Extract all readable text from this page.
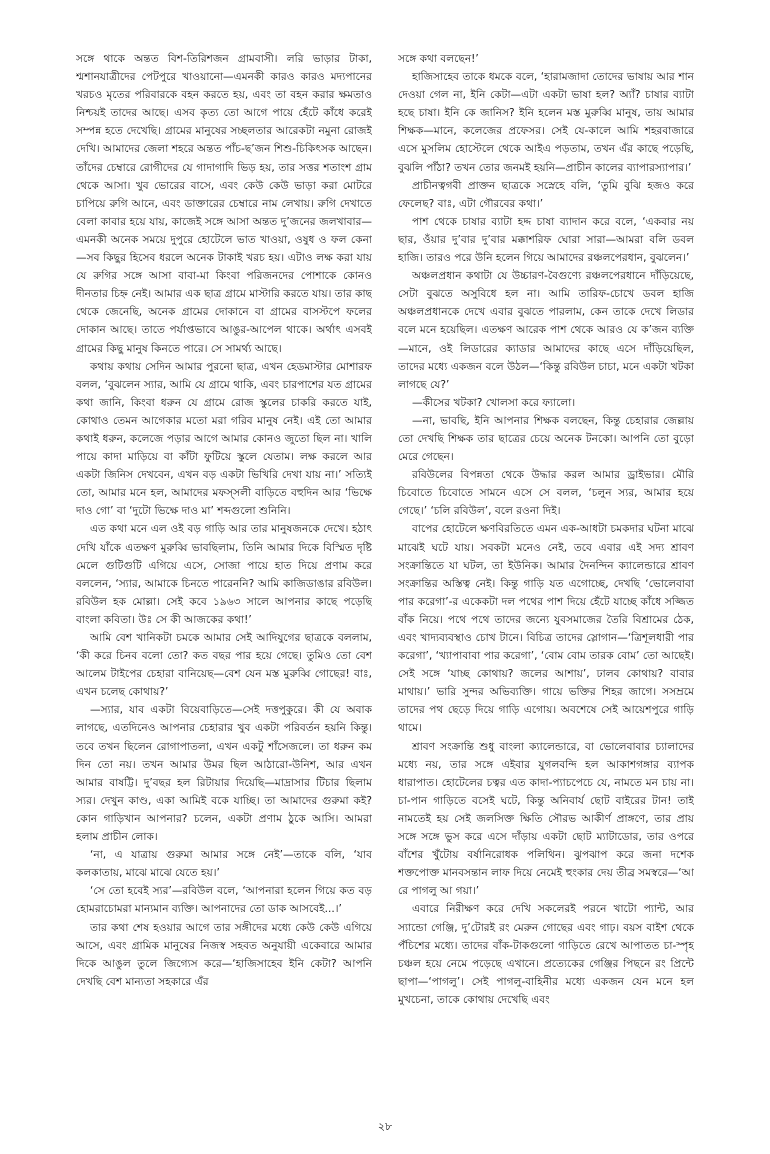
সঙ্গে থাকে অন্তত বিশ-তিরিশজন গ্রামবাসী। লরি ভাড়ার টাকা, শ্মশানযাত্রীদের পেটপুরে খাওয়ানো—এমনকী কারও কারও মদ্যপানের খরচও মৃতের পরিবারকে বহন করতে হয়, এবং তা বহন করার ক্ষমতাও নিশ্চয়ই তাদের আছে। এসব কৃত্য তো আগে পায়ে হেঁটে কাঁধে করেই সম্পন্ন হতে দেখেছি। গ্রামের মানুষের সচ্ছলতার আরেকটা নমুনা রোজই দেখি। আমাদের জেলা শহরে অন্তত পাঁচ-ছ’জন শিশু-চিকিৎসক আছেন। তাঁদের চেম্বারে রোগীদের যে গাদাগাদি ভিড় হয়, তার সত্তর শতাংশ গ্রাম থেকে আসা। খুব ভোরের বাসে, এবং কেউ কেউ ভাড়া করা মোটরে চাপিয়ে রুগি আনে, এবং ডাক্তারের চেম্বারে নাম লেখায়। রুগি দেখাতে বেলা কাবার হয়ে যায়, কাজেই সঙ্গে আসা অন্তত দু’জনের জলখাবার—এমনকী অনেক সময়ে দুপুরে হোটেলে ভাত খাওয়া, ওষুধ ও ফল কেনা—সব কিছুর হিসেব ধরলে অনেক টাকাই খরচ হয়। এটাও লক্ষ করা যায় যে রুগির সঙ্গে আসা বাবা-মা কিংবা পরিজনদের পোশাকে কোনও দীনতার চিহ্ন নেই। আমার এক ছাত্র গ্রামে মাস্টারি করতে যায়। তার কাছ থেকে জেনেছি, অনেক গ্রামের দোকানে বা গ্রামের বাসস্টপে ফলের দোকান আছে। তাতে পর্যাপ্তভাবে আঙুর-আপেল থাকে। অর্থাৎ এসবই গ্রামের কিছু মানুষ কিনতে পারে। সে সামর্থ্য আছে।

কথায় কথায় সেদিন আমার পুরনো ছাত্র, এখন হেডমাস্টার মোশারফ বলল, ‘বুঝলেন স্যার, আমি যে গ্রামে থাকি, এবং চারপাশের যত গ্রামের কথা জানি, কিংবা ধরুন যে গ্রামে রোজ স্কুলের চাকরি করতে যাই, কোথাও তেমন আগেকার মতো মরা গরিব মানুষ নেই। এই তো আমার কথাই ধরুন, কলেজে পড়ার আগে আমার কোনও জুতো ছিল না। খালি পায়ে কাদা মাড়িয়ে বা কাঁটা ফুটিয়ে স্কুলে যেতাম। লক্ষ করলে আর একটা জিনিস দেখবেন, এখন বড় একটা ভিখিরি দেখা যায় না।’ সত্যিই তো, আমার মনে হল, আমাদের মফস্‌সলী বাড়িতে বহুদিন আর ‘ভিক্ষে দাও গো’ বা ‘দুটো ভিক্ষে দাও মা’ শব্দগুলো শুনিনি।

এত কথা মনে এল ওই বড় গাড়ি আর তার মানুষজনকে দেখে। হঠাৎ দেখি যাঁকে এতক্ষণ মুরুব্বি ভাবছিলাম, তিনি আমার দিকে বিস্মিত দৃষ্টি মেলে গুটিগুটি এগিয়ে এসে, সোজা পায়ে হাত দিয়ে প্রণাম করে বললেন, ‘স্যার, আমাকে চিনতে পারেননি? আমি কাজিডাঙার রবিউল। রবিউল হক মোল্লা। সেই কবে ১৯৬৩ সালে আপনার কাছে পড়েছি বাংলা কবিতা। উঃ সে কী আজকের কথা!’

আমি বেশ খানিকটা চমকে আমার সেই আদিযুগের ছাত্রকে বললাম, ‘কী করে চিনব বলো তো? কত বছর পার হয়ে গেছে। তুমিও তো বেশ আলেম টাইপের চেহারা বানিয়েছ—বেশ যেন মস্ত মুরুব্বি গোছের! বাঃ, এখন চলেছ কোথায়?’

—স্যার, যাব একটা বিয়েবাড়িতে—সেই দত্তপুকুরে। কী যে অবাক লাগছে, এতদিনেও আপনার চেহারার খুব একটা পরিবর্তন হয়নি কিন্তু। তবে তখন ছিলেন রোগাপাতলা, এখন একটু শাঁসেজলে। তা ধরুন কম দিন তো নয়। তখন আমার উমর ছিল আঠারো-উনিশ, আর এখন আমার বাষট্টি। দু’বছর হল রিটায়ার দিয়েছি—মাদ্রাসার টিচার ছিলাম স্যর। দেখুন কাণ্ড, একা আমিই বকে যাচ্ছি। তা আমাদের গুরুমা কই? কোন গাড়িখান আপনার? চলেন, একটা প্রণাম ঠুকে আসি। আমরা হলাম প্রাচীন লোক।

‘না, এ যাত্রায় গুরুমা আমার সঙ্গে নেই’—তাকে বলি, ‘যাব কলকাতায়, মাঝে মাঝে যেতে হয়।’

‘সে তো হবেই স্যর’—রবিউল বলে, ‘আপনারা হলেন গিয়ে কত বড় হোমরাচোমরা মান্যমান ব্যক্তি। আপনাদের তো ডাক আসবেই...।’

তার কথা শেষ হওয়ার আগে তার সঙ্গীদের মধ্যে কেউ কেউ এগিয়ে আসে, এবং গ্রামিক মানুষের নিজস্ব সহবত অনুযায়ী একেবারে আমার দিকে আঙুল তুলে জিগ্যেস করে—‘হাজিসাহেব ইনি কেটা? আপনি দেখছি বেশ মান্যতা সহকারে এঁর

সঙ্গে কথা বলছেন!’

হাজিসাহেব তাকে ধমকে বলে, ‘হারামজাদা তোদের ভাষায় আর শান দেওয়া গেল না, ইনি কেটা—এটা একটা ভাষা হল? অ্যাঁ? চাষার ব্যাটা হছে চাষা। ইনি কে জানিস? ইনি হলেন মস্ত মুরুব্বি মানুষ, তায় আমার শিক্ষক—মানে, কলেজের প্রফেসর। সেই যে-কালে আমি শহরবাজারে এসে মুসলিম হোস্টেলে থেকে আইএ পড়তাম, তখন এঁর কাছে পড়েছি, বুঝলি পাঁঠা? তখন তোর জনমই হয়নি—প্রাচীন কালের ব্যাপারস্যাপার।’

প্রাচীনত্বগবী প্রাক্তন ছাত্রকে সস্নেহে বলি, ‘তুমি বুঝি হজও করে ফেলেছ? বাঃ, এটা গৌরবের কথা।’

পাশ থেকে চাষার ব্যাটা হদ্দ চাষা ব্যাদান করে বলে, ‘একবার নয় ছার, ওঁয়ার দু’বার দু’বার মক্কাশরিফ ঘোরা সারা—আমরা বলি ডবল হাজি। তারও পরে উনি হলেন গিয়ে আমাদের রঞ্চলপেরধান, বুঝলেন।’

অঞ্চলপ্রধান কথাটা যে উচ্চারণ-বৈগুণ্যে রঞ্চলপেরধানে দাঁড়িয়েছে, সেটা বুঝতে অসুবিধে হল না। আমি তারিফ-চোখে ডবল হাজি অঞ্চলপ্রধানকে দেখে এবার বুঝতে পারলাম, কেন তাকে দেখে লিডার বলে মনে হয়েছিল। এতক্ষণ আরেক পাশ থেকে আরও যে ক’জন ব্যক্তি—মানে, ওই লিডারের ক্যাডার আমাদের কাছে এসে দাঁড়িয়েছিল, তাদের মধ্যে একজন বলে উঠল—‘কিন্তু রবিউল চাচা, মনে একটা খটকা লাগছে যে?’

—কীসের খটকা? খোলসা করে ফ্যালো।

—না, ভাবছি, ইনি আপনার শিক্ষক বলছেন, কিন্তু চেহারার জেল্লায় তো দেখছি শিক্ষক তার ছাত্রের চেয়ে অনেক টনকো। আপনি তো বুড়ো মেরে গেছেন।

রবিউলের বিপন্নতা থেকে উদ্ধার করল আমার ড্রাইভার। মৌরি চিবোতে চিবোতে সামনে এসে সে বলল, ‘চলুন স্যর, আমার হয়ে গেছে।’ ‘চলি রবিউল’, বলে রওনা দিই।

বাপের হোটেলে ক্ষণবিরতিতে এমন এক-আধটা চমকদার ঘটনা মাঝে মাঝেই ঘটে যায়। সবকটা মনেও নেই, তবে এবার এই সদ্য শ্রাবণ সংক্রান্তিতে যা ঘটল, তা ইউনিক। আমার দৈনন্দিন ক্যালেন্ডারে শ্রাবণ সংক্রান্তির অস্তিত্ব নেই। কিন্তু গাড়ি যত এগোচ্ছে, দেখছি ‘ভোলেবাবা পার করেগা’-র একেকটা দল পথের পাশ দিয়ে হেঁটে যাচ্ছে কাঁধে সজ্জিত বাঁক নিয়ে। পথে পথে তাদের জন্যে যুবসমাজের তৈরি বিশ্রামের ঠেক, এবং খাদ্যব্যবস্থাও চোখ টানে। বিচিত্র তাদের স্লোগান—‘ত্রিশূলধারী পার করেগা’, ‘খ্যাপাবাবা পার করেগা’, ‘বোম বোম তারক বোম’ তো আছেই। সেই সঙ্গে ‘যাচ্ছ কোথায়? জলের আশায়’, ঢালব কোথায়? বাবার মাথায়।’ ভারি সুন্দর অভিব্যক্তি। গায়ে ভক্তির শিহর জাগে। সসম্রমে তাদের পথ ছেড়ে দিয়ে গাড়ি এগোয়। অবশেষে সেই আয়েশপুরে গাড়ি থামে।

শ্রাবণ সংক্রান্তি শুধু বাংলা ক্যালেন্ডারে, বা ভোলেবাবার চ্যালাদের মধ্যে নয়, তার সঙ্গে এইবার যুগলবন্দি হল আকাশগঙ্গার ব্যাপক ধারাপাত। হোটেলের চত্বর এত কাদা-প্যাচপেচে যে, নামতে মন চায় না। চা-পান গাড়িতে বসেই ঘটে, কিন্তু অনিবার্য ছোট বাইরের টান! তাই নামতেই হয় সেই জলসিক্ত ক্ষিতি সৌরভ আকীর্ণ প্রাঙ্গণে, তার প্রায় সঙ্গে সঙ্গে ভুস করে এসে দাঁড়ায় একটা ছোট ম্যাটাডোর, তার ওপরে বাঁশের খুঁটোয় বর্ষানিরোধক পলিথিন। ঝুপঝাপ করে জনা দশেক শক্তপোক্ত মানবসন্তান লাফ দিয়ে নেমেই হুংকার দেয় তীব্র সমস্বরে—‘আ রে পাগলু আ গয়া।’

এবারে নিরীক্ষণ করে দেখি সকলেরই পরনে খাটো প্যান্ট, আর স্যান্ডো গেঞ্জি, দু’টোরই রং মেরুন গোছের এবং গাঢ়। বয়স বাইশ থেকে পঁচিশের মধ্যে। তাদের বাঁক-টাকগুলো গাড়িতে রেখে আপাতত চা-স্পৃহ চঞ্চল হয়ে নেমে পড়েছে এখানে। প্রত্যেকের গেঞ্জির পিছনে রং প্রিন্টে ছাপা—‘পাগলু’। সেই পাগলু-বাহিনীর মধ্যে একজন যেন মনে হল মুখচেনা, তাকে কোথায় দেখেছি এবং

২৮
